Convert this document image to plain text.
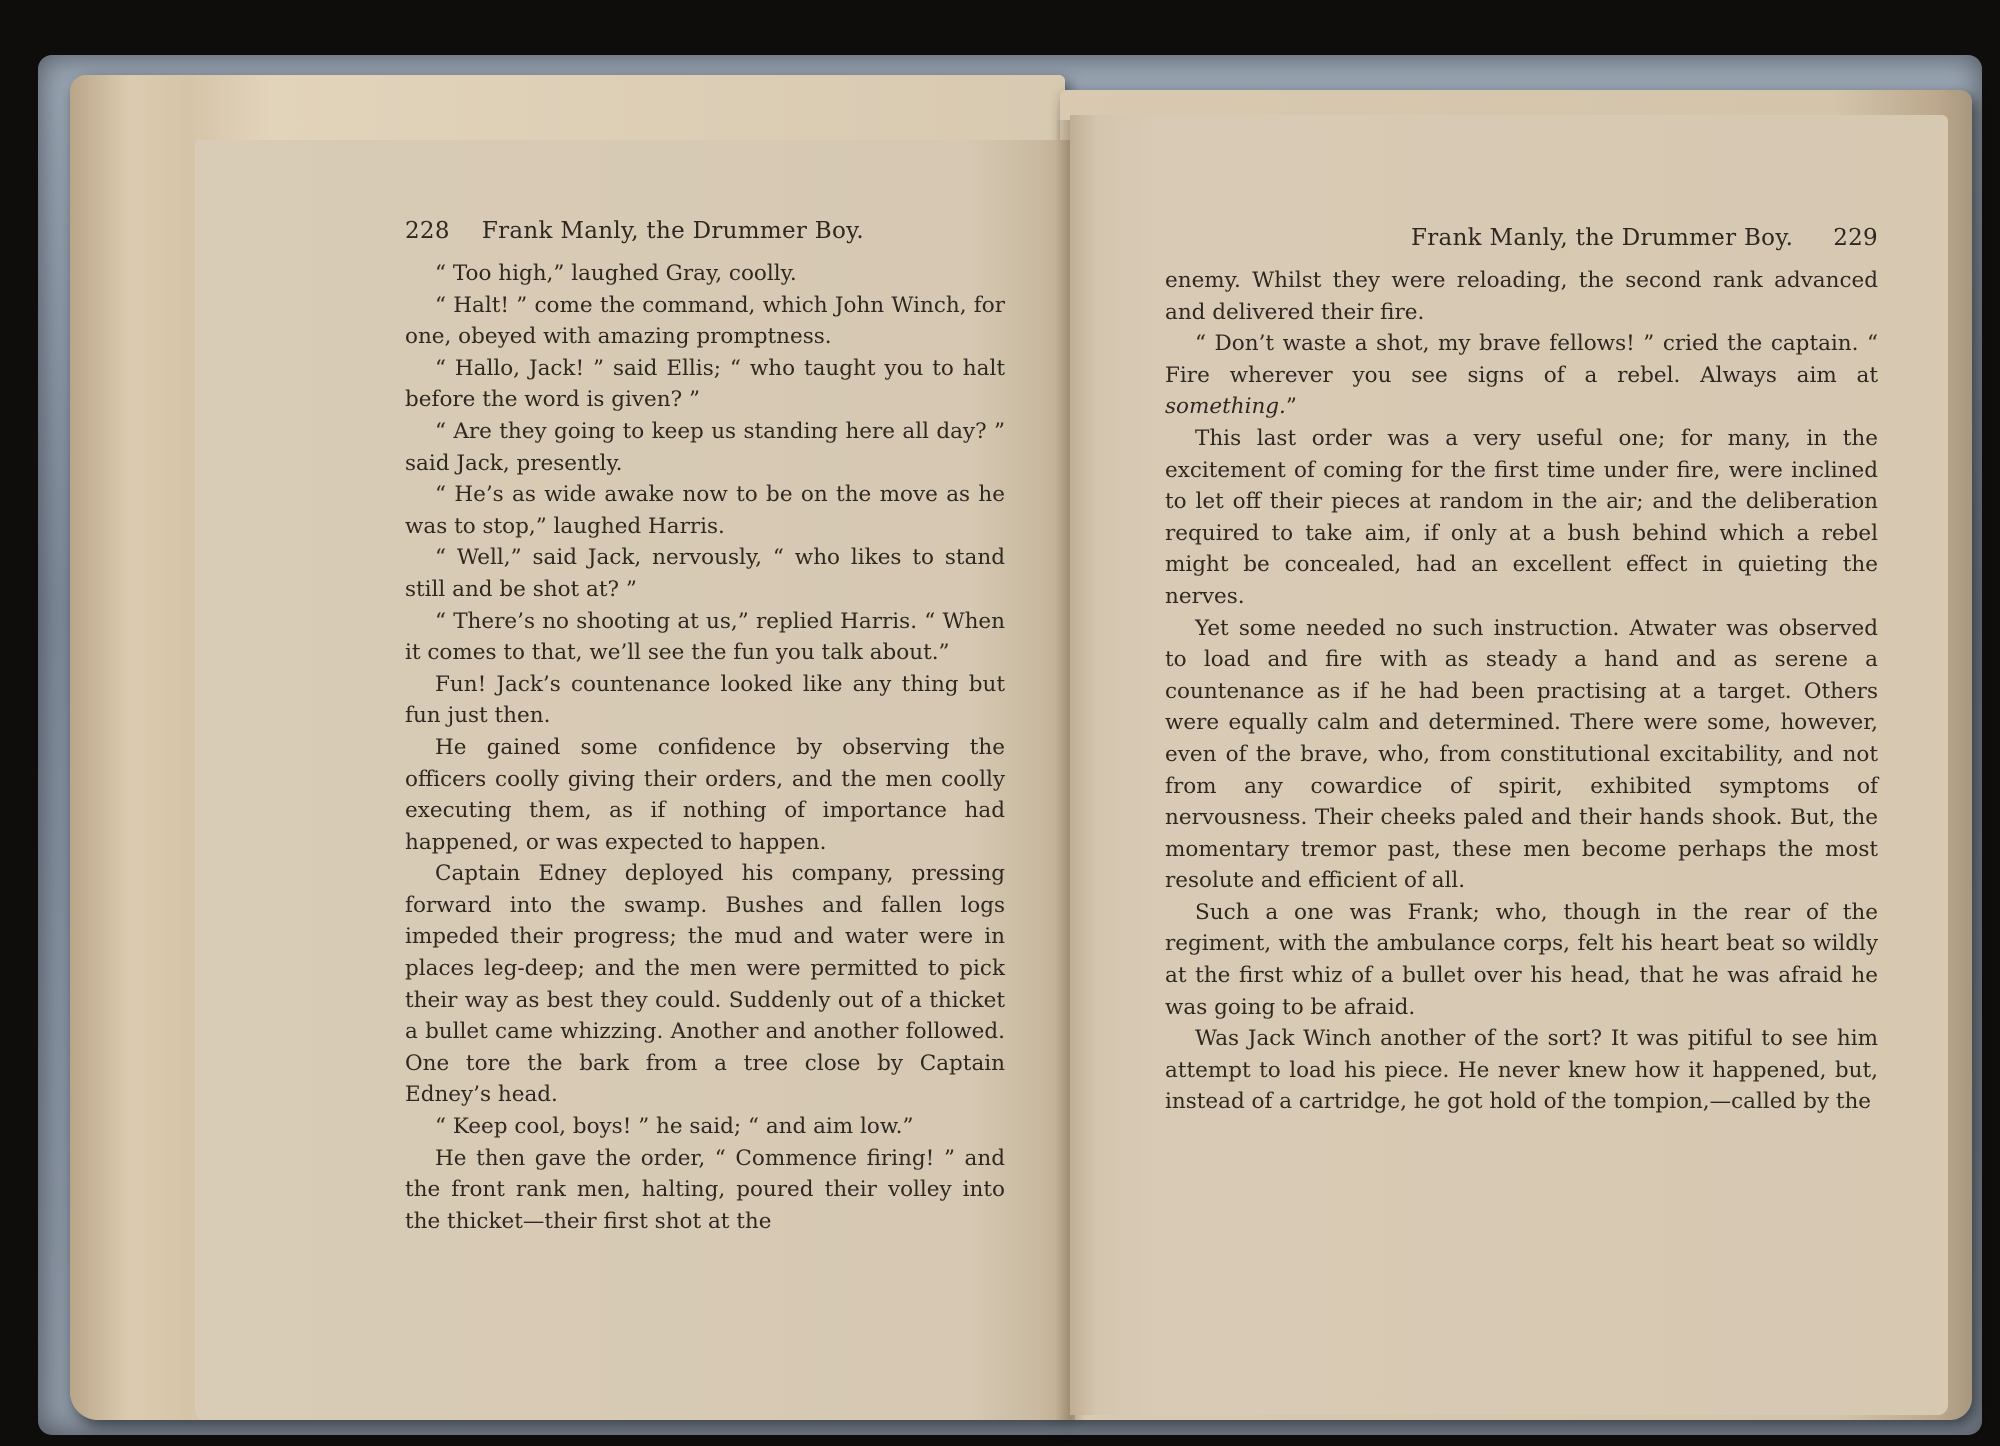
228 Frank Manly, the Drummer Boy.

“ Too high,” laughed Gray, coolly.

“ Halt! ” come the command, which John Winch, for one, obeyed with amazing promptness.

“ Hallo, Jack! ” said Ellis; “ who taught you to halt before the word is given? ”

“ Are they going to keep us standing here all day? ” said Jack, presently.

“ He’s as wide awake now to be on the move as he was to stop,” laughed Harris.

“ Well,” said Jack, nervously, “ who likes to stand still and be shot at? ”

“ There’s no shooting at us,” replied Harris. “ When it comes to that, we’ll see the fun you talk about.”

Fun! Jack’s countenance looked like any thing but fun just then.

He gained some confidence by observing the officers coolly giving their orders, and the men coolly executing them, as if nothing of importance had happened, or was expected to happen.

Captain Edney deployed his company, pressing forward into the swamp. Bushes and fallen logs impeded their progress; the mud and water were in places leg-deep; and the men were permitted to pick their way as best they could. Suddenly out of a thicket a bullet came whizzing. Another and another followed. One tore the bark from a tree close by Captain Edney’s head.

“ Keep cool, boys! ” he said; “ and aim low.”

He then gave the order, “ Commence firing! ” and the front rank men, halting, poured their volley into the thicket—their first shot at the

Frank Manly, the Drummer Boy. 229

enemy. Whilst they were reloading, the second rank advanced and delivered their fire.

“ Don’t waste a shot, my brave fellows! ” cried the captain. “ Fire wherever you see signs of a rebel. Always aim at something.”

This last order was a very useful one; for many, in the excitement of coming for the first time under fire, were inclined to let off their pieces at random in the air; and the deliberation required to take aim, if only at a bush behind which a rebel might be concealed, had an excellent effect in quieting the nerves.

Yet some needed no such instruction. Atwater was observed to load and fire with as steady a hand and as serene a countenance as if he had been practising at a target. Others were equally calm and determined. There were some, however, even of the brave, who, from constitutional excitability, and not from any cowardice of spirit, exhibited symptoms of nervousness. Their cheeks paled and their hands shook. But, the momentary tremor past, these men become perhaps the most resolute and efficient of all.

Such a one was Frank; who, though in the rear of the regiment, with the ambulance corps, felt his heart beat so wildly at the first whiz of a bullet over his head, that he was afraid he was going to be afraid.

Was Jack Winch another of the sort? It was pitiful to see him attempt to load his piece. He never knew how it happened, but, instead of a cartridge, he got hold of the tompion,—called by the
